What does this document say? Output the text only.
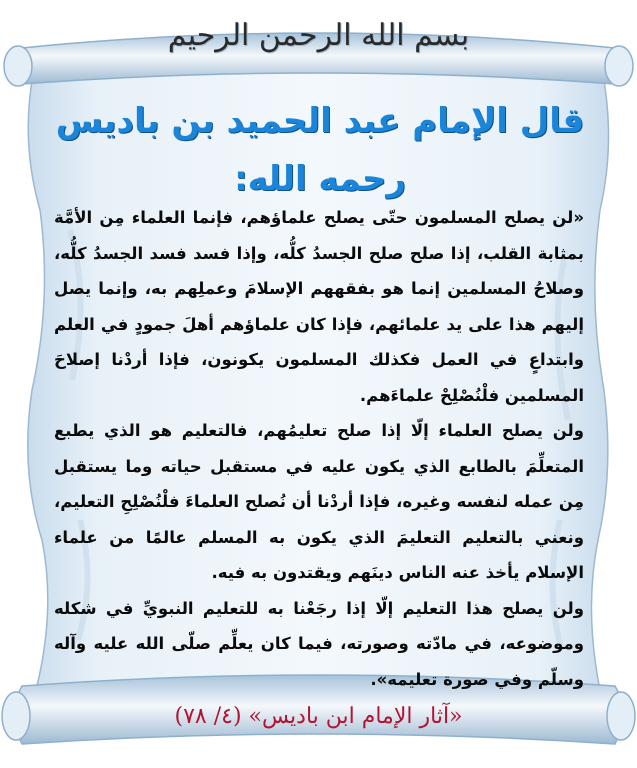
بسم الله الرحمن الرحيم
قال الإمام عبد الحميد بن باديس رحمه الله:

«لن يصلح المسلمون حتّى يصلح علماؤهم، فإنما العلماء مِن الأمَّة بمثابة القلب، إذا صلح صلح الجسدُ كلُّه، وإذا فسد فسد الجسدُ كلُّه، وصلاحُ المسلمين إنما هو بفقههم الإسلامَ وعملِهم به، وإنما يصل إليهم هذا على يد علمائهم، فإذا كان علماؤهم أهلَ جمودٍ في العلم وابتداعٍ في العمل فكذلك المسلمون يكونون، فإذا أردْنا إصلاحَ المسلمين فلْنُصْلِحْ علماءَهم.

ولن يصلح العلماء إلّا إذا صلح تعليمُهم، فالتعليم هو الذي يطبع المتعلِّمَ بالطابع الذي يكون عليه في مستقبل حياته وما يستقبل مِن عمله لنفسه وغيره، فإذا أردْنا أن نُصلح العلماءَ فلْنُصْلِحِ التعليم، ونعني بالتعليم التعليمَ الذي يكون به المسلم عالمًا من علماء الإسلام يأخذ عنه الناس دينَهم ويقتدون به فيه.

ولن يصلح هذا التعليم إلّا إذا رجَعْنا به للتعليم النبويِّ في شكله وموضوعه، في مادّته وصورته، فيما كان يعلِّم صلّى الله عليه وآله وسلّم وفي صورة تعليمه».

«آثار الإمام ابن باديس» (٤/ ٧٨)
